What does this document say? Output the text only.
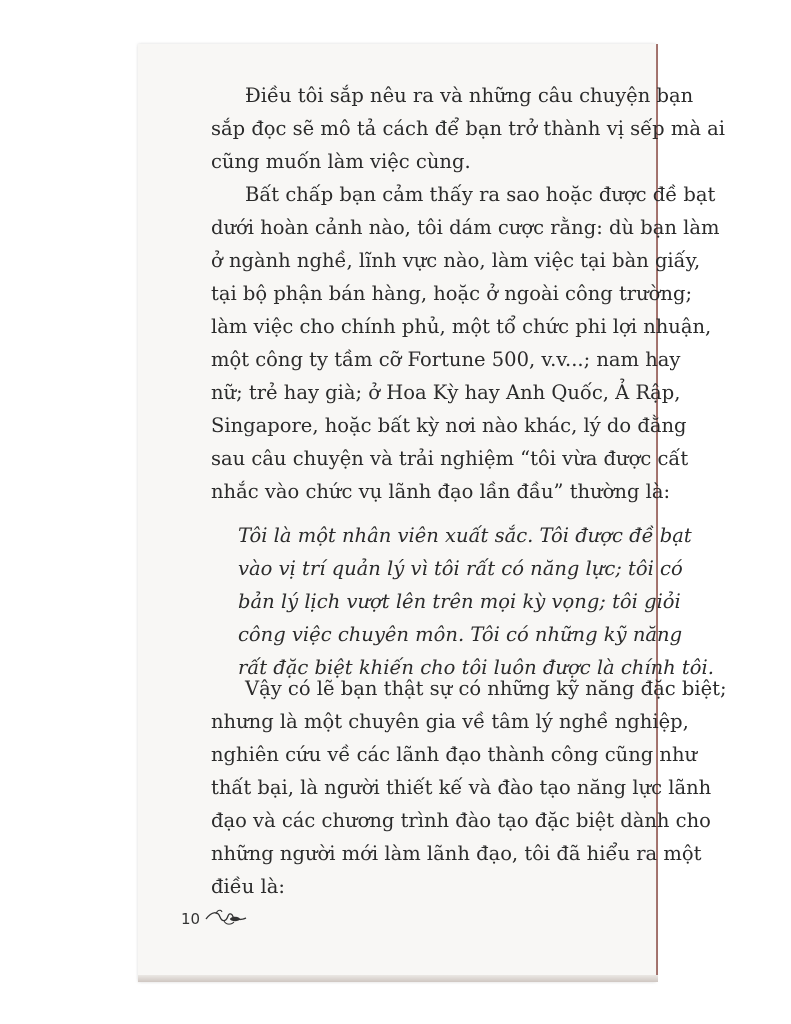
Điều tôi sắp nêu ra và những câu chuyện bạn
sắp đọc sẽ mô tả cách để bạn trở thành vị sếp mà ai
cũng muốn làm việc cùng.
Bất chấp bạn cảm thấy ra sao hoặc được đề bạt
dưới hoàn cảnh nào, tôi dám cược rằng: dù bạn làm
ở ngành nghề, lĩnh vực nào, làm việc tại bàn giấy,
tại bộ phận bán hàng, hoặc ở ngoài công trường;
làm việc cho chính phủ, một tổ chức phi lợi nhuận,
một công ty tầm cỡ Fortune 500, v.v...; nam hay
nữ; trẻ hay già; ở Hoa Kỳ hay Anh Quốc, Ả Rập,
Singapore, hoặc bất kỳ nơi nào khác, lý do đằng
sau câu chuyện và trải nghiệm “tôi vừa được cất
nhắc vào chức vụ lãnh đạo lần đầu” thường là:
Tôi là một nhân viên xuất sắc. Tôi được đề bạt
vào vị trí quản lý vì tôi rất có năng lực; tôi có
bản lý lịch vượt lên trên mọi kỳ vọng; tôi giỏi
công việc chuyên môn. Tôi có những kỹ năng
rất đặc biệt khiến cho tôi luôn được là chính tôi.
Vậy có lẽ bạn thật sự có những kỹ năng đặc biệt;
nhưng là một chuyên gia về tâm lý nghề nghiệp,
nghiên cứu về các lãnh đạo thành công cũng như
thất bại, là người thiết kế và đào tạo năng lực lãnh
đạo và các chương trình đào tạo đặc biệt dành cho
những người mới làm lãnh đạo, tôi đã hiểu ra một
điều là:
10
